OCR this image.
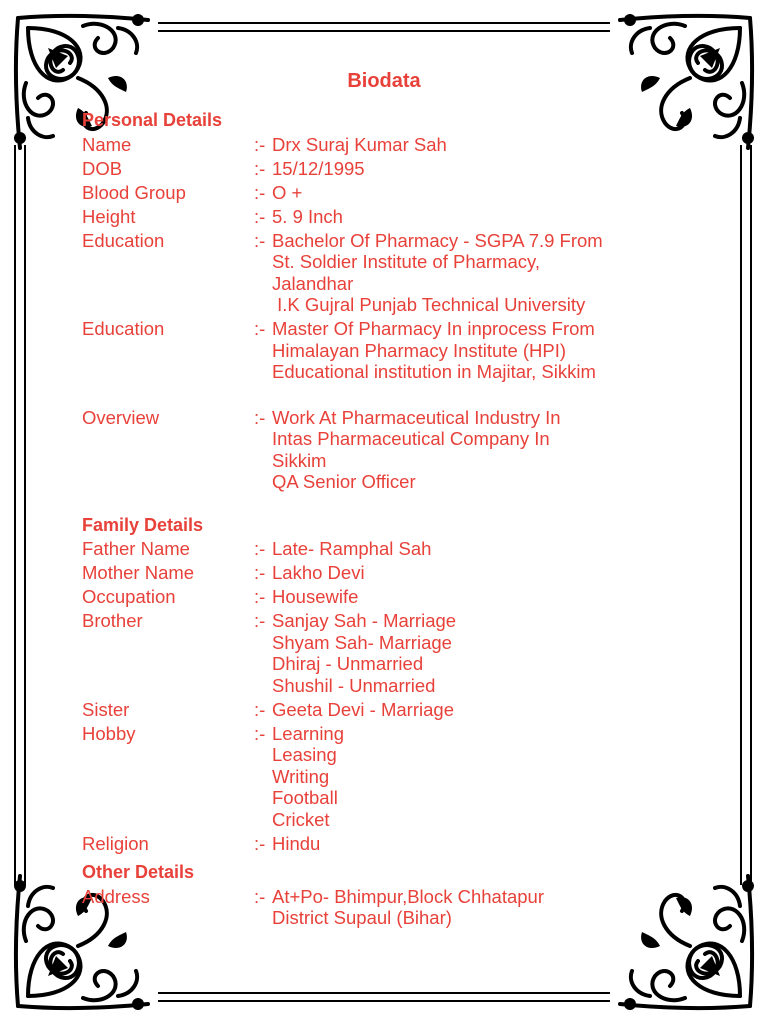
Biodata
Personal Details
Name	:- Drx Suraj Kumar Sah
DOB	:- 15/12/1995
Blood Group	:- O +
Height	:- 5. 9 Inch
Education	:- Bachelor Of Pharmacy - SGPA 7.9 From
St. Soldier Institute of Pharmacy,
Jalandhar
I.K Gujral Punjab Technical University
Education	:- Master Of Pharmacy In inprocess From
Himalayan Pharmacy Institute (HPI)
Educational institution in Majitar, Sikkim
Overview	:- Work At Pharmaceutical Industry In
Intas Pharmaceutical Company In
Sikkim
QA Senior Officer
Family Details
Father Name	:- Late- Ramphal Sah
Mother Name	:- Lakho Devi
Occupation	:- Housewife
Brother	:- Sanjay Sah - Marriage
Shyam Sah- Marriage
Dhiraj - Unmarried
Shushil - Unmarried
Sister	:- Geeta Devi - Marriage
Hobby	:- Learning
Leasing
Writing
Football
Cricket
Religion	:- Hindu
Other Details
Address	:- At+Po- Bhimpur,Block Chhatapur
District Supaul (Bihar)
